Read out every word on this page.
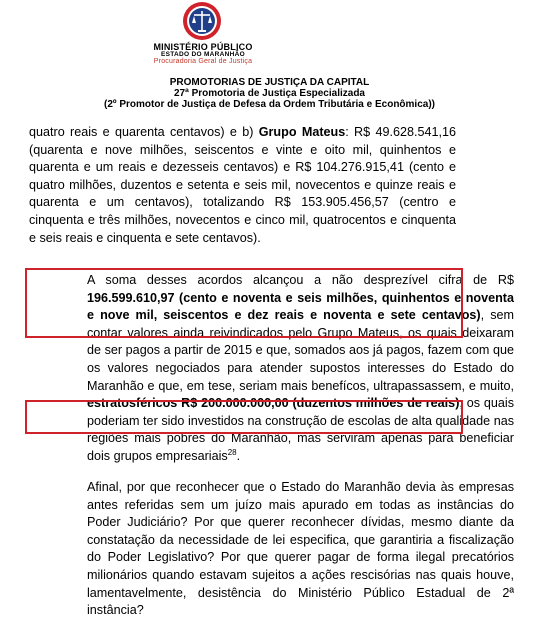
MINISTÉRIO PÚBLICO
ESTADO DO MARANHÃO
Procuradoria Geral de Justiça
PROMOTORIAS DE JUSTIÇA DA CAPITAL
27ª Promotoria de Justiça Especializada
(2º Promotor de Justiça de Defesa da Ordem Tributária e Econômica))

quatro reais e quarenta centavos) e b) Grupo Mateus: R$ 49.628.541,16 (quarenta e nove milhões, seiscentos e vinte e oito mil, quinhentos e quarenta e um reais e dezesseis centavos) e R$ 104.276.915,41 (cento e quatro milhões, duzentos e setenta e seis mil, novecentos e quinze reais e quarenta e um centavos), totalizando R$ 153.905.456,57 (centro e cinquenta e três milhões, novecentos e cinco mil, quatrocentos e cinquenta e seis reais e cinquenta e sete centavos).

A soma desses acordos alcançou a não desprezível cifra de R$ 196.599.610,97 (cento e noventa e seis milhões, quinhentos e noventa e nove mil, seiscentos e dez reais e noventa e sete centavos), sem contar valores ainda reivindicados pelo Grupo Mateus, os quais deixaram de ser pagos a partir de 2015 e que, somados aos já pagos, fazem com que os valores negociados para atender supostos interesses do Estado do Maranhão e que, em tese, seriam mais benefícos, ultrapassassem, e muito, estratosféricos R$ 200.000.000,00 (duzentos milhões de reais), os quais poderiam ter sido investidos na construção de escolas de alta qualidade nas regiões mais pobres do Maranhão, mas serviram apenas para beneficiar dois grupos empresariais$^{28}$.

Afinal, por que reconhecer que o Estado do Maranhão devia às empresas antes referidas sem um juízo mais apurado em todas as instâncias do Poder Judiciário? Por que querer reconhecer dívidas, mesmo diante da constatação da necessidade de lei especifica, que garantiria a fiscalização do Poder Legislativo? Por que querer pagar de forma ilegal precatórios milionários quando estavam sujeitos a ações rescisórias nas quais houve, lamentavelmente, desistência do Ministério Público Estadual de 2ª instância?
